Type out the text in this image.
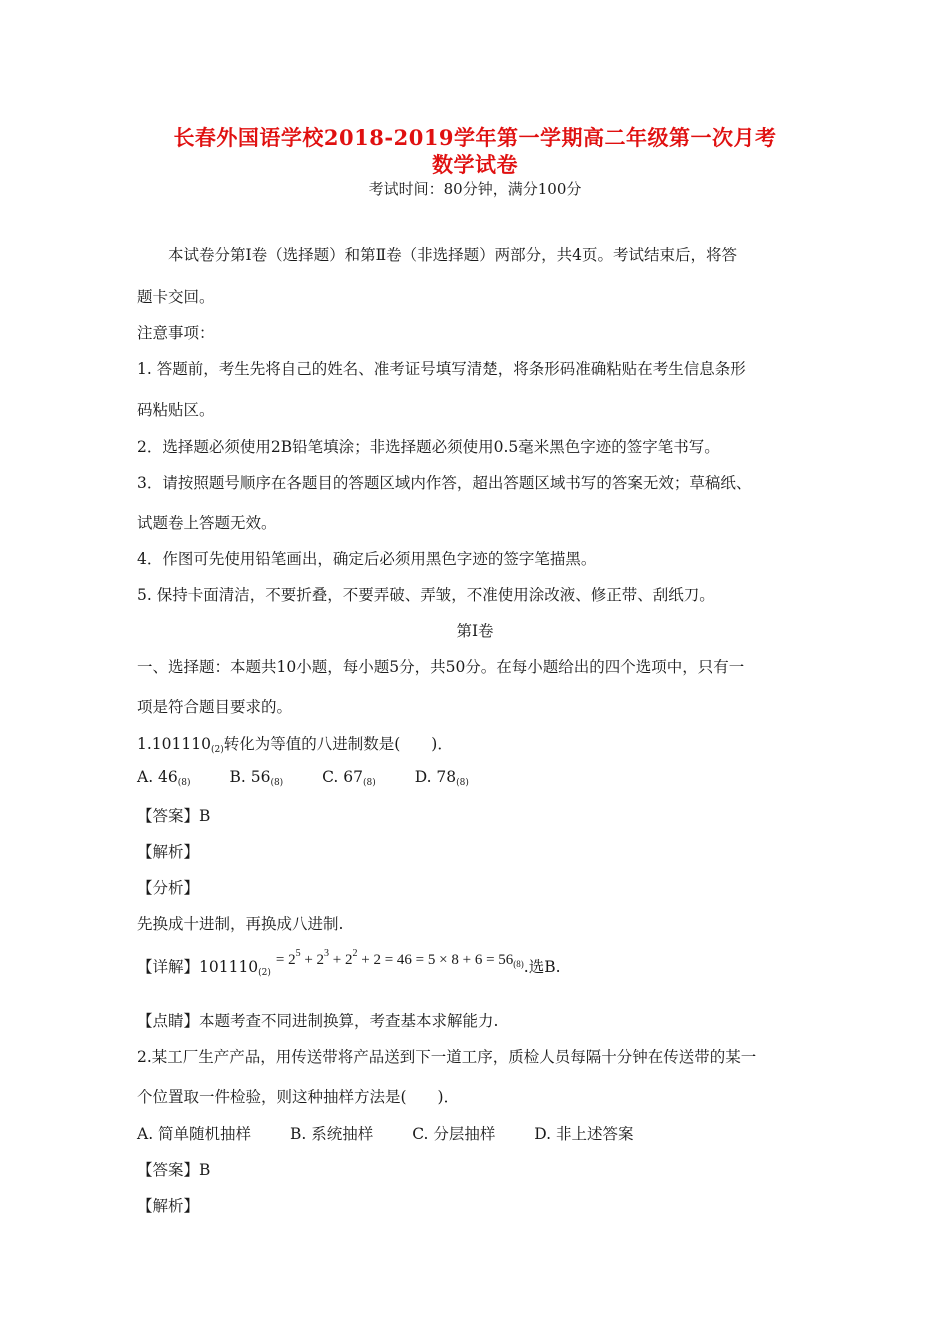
长春外国语学校2018-2019学年第一学期高二年级第一次月考
数学试卷
考试时间：80分钟，满分100分
本试卷分第Ⅰ卷（选择题）和第Ⅱ卷（非选择题）两部分，共4页。考试结束后，将答
题卡交回。
注意事项：
1. 答题前，考生先将自己的姓名、准考证号填写清楚，将条形码准确粘贴在考生信息条形
码粘贴区。
2．选择题必须使用2B铅笔填涂；非选择题必须使用0.5毫米黑色字迹的签字笔书写。
3．请按照题号顺序在各题目的答题区域内作答，超出答题区域书写的答案无效；草稿纸、
试题卷上答题无效。
4．作图可先使用铅笔画出，确定后必须用黑色字迹的签字笔描黑。
5. 保持卡面清洁，不要折叠，不要弄破、弄皱，不准使用涂改液、修正带、刮纸刀。
第Ⅰ卷
一、选择题：本题共10小题，每小题5分，共50分。在每小题给出的四个选项中，只有一
项是符合题目要求的。
$1.101110_{(2)}$转化为等值的八进制数是(　　)．
A. $46_{(8)}$	B. $56_{(8)}$	C. $67_{(8)}$	D. $78_{(8)}$
【答案】B
【解析】
【分析】
先换成十进制，再换成八进制.
【详解】$101110_{(2)} = 2^5 + 2^3 + 2^2 + 2 = 46 = 5 \times 8 + 6 = 56_{(8)}$.选B.
【点睛】本题考查不同进制换算，考查基本求解能力.
2.某工厂生产产品，用传送带将产品送到下一道工序，质检人员每隔十分钟在传送带的某一
个位置取一件检验，则这种抽样方法是(　　)．
A. 简单随机抽样	B. 系统抽样	C. 分层抽样	D. 非上述答案
【答案】B
【解析】
